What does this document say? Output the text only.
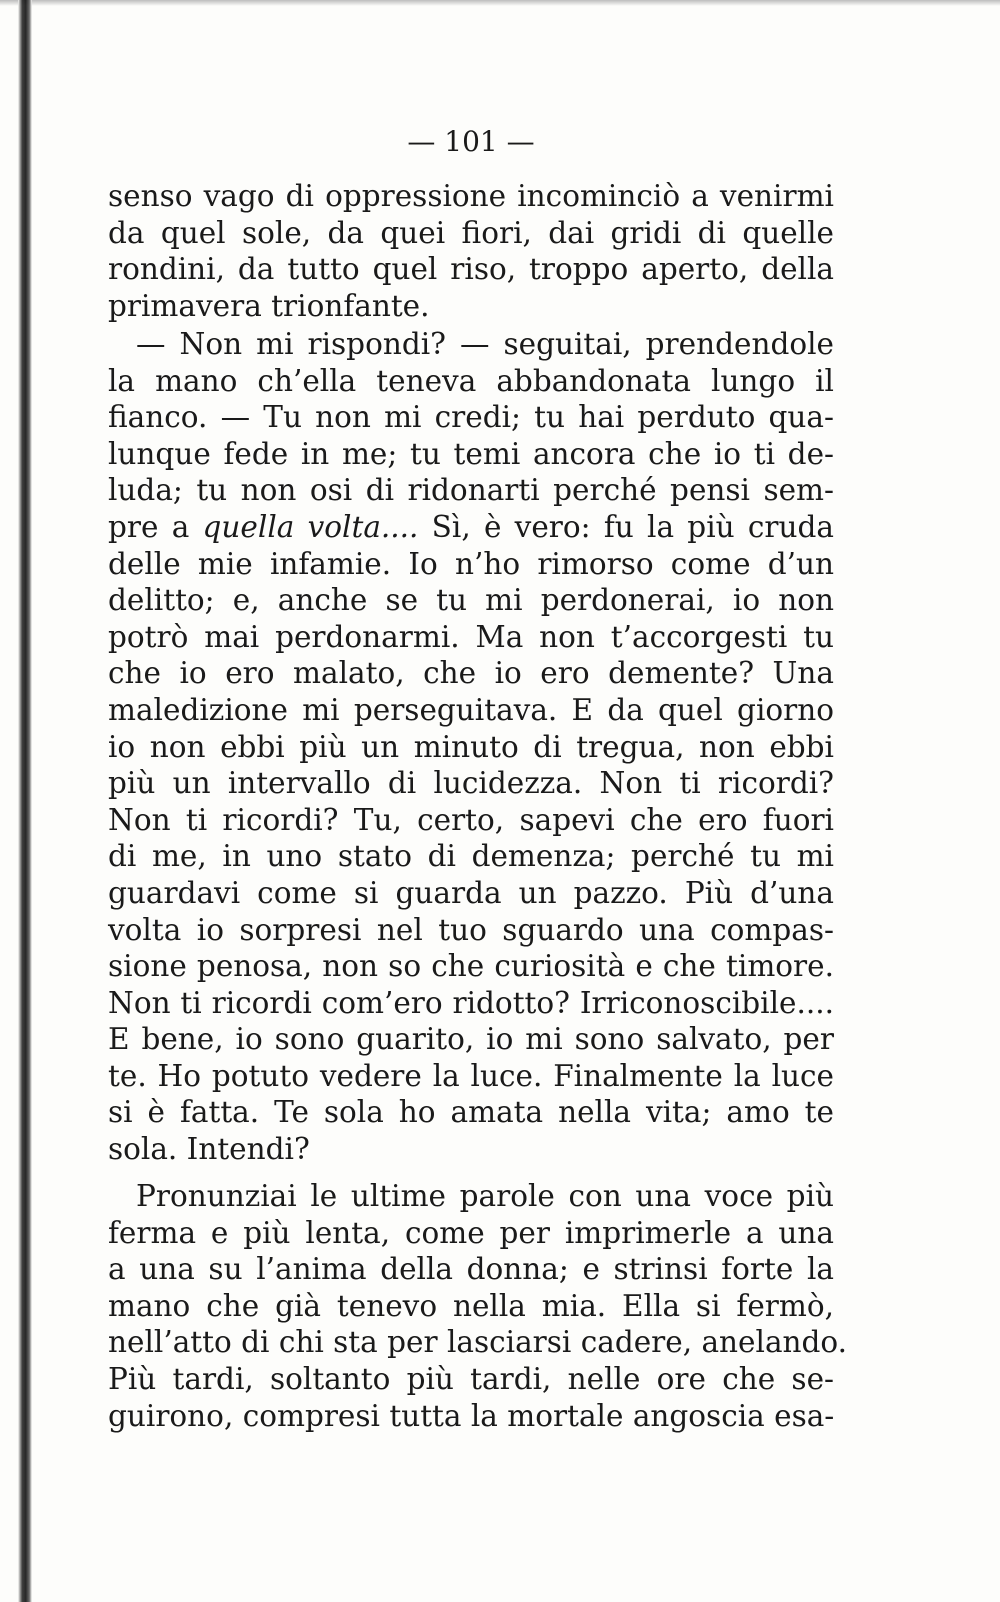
— 101 —
senso vago di oppressione incominciò a venirmi
da quel sole, da quei fiori, dai gridi di quelle
rondini, da tutto quel riso, troppo aperto, della
primavera trionfante.
— Non mi rispondi? — seguitai, prendendole
la mano ch’ella teneva abbandonata lungo il
fianco. — Tu non mi credi; tu hai perduto qua-
lunque fede in me; tu temi ancora che io ti de-
luda; tu non osi di ridonarti perché pensi sem-
pre a quella volta.... Sì, è vero: fu la più cruda
delle mie infamie. Io n’ho rimorso come d’un
delitto; e, anche se tu mi perdonerai, io non
potrò mai perdonarmi. Ma non t’accorgesti tu
che io ero malato, che io ero demente? Una
maledizione mi perseguitava. E da quel giorno
io non ebbi più un minuto di tregua, non ebbi
più un intervallo di lucidezza. Non ti ricordi?
Non ti ricordi? Tu, certo, sapevi che ero fuori
di me, in uno stato di demenza; perché tu mi
guardavi come si guarda un pazzo. Più d’una
volta io sorpresi nel tuo sguardo una compas-
sione penosa, non so che curiosità e che timore.
Non ti ricordi com’ero ridotto? Irriconoscibile....
E bene, io sono guarito, io mi sono salvato, per
te. Ho potuto vedere la luce. Finalmente la luce
si è fatta. Te sola ho amata nella vita; amo te
sola. Intendi?
Pronunziai le ultime parole con una voce più
ferma e più lenta, come per imprimerle a una
a una su l’anima della donna; e strinsi forte la
mano che già tenevo nella mia. Ella si fermò,
nell’atto di chi sta per lasciarsi cadere, anelando.
Più tardi, soltanto più tardi, nelle ore che se-
guirono, compresi tutta la mortale angoscia esa-
